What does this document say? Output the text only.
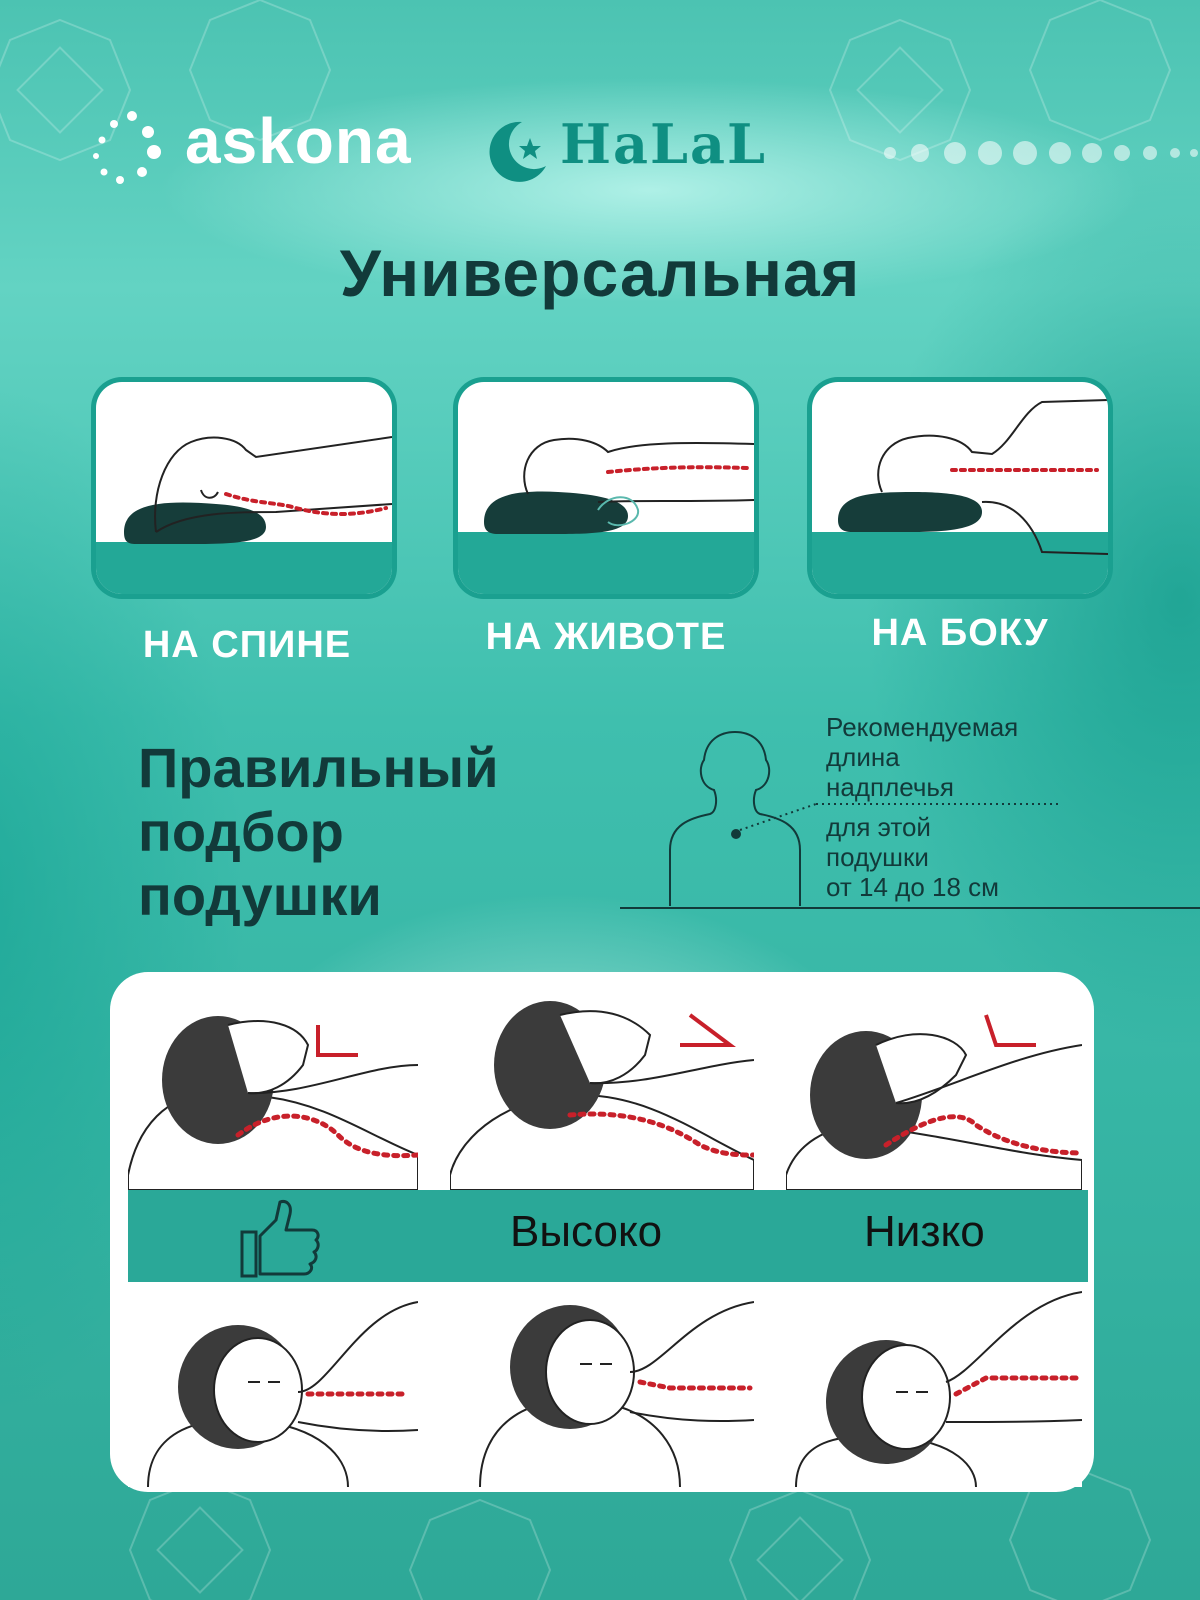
askona	HaLaL
Универсальная
НА СПИНЕ	НА ЖИВОТЕ	НА БОКУ
Правильный
подбор
подушки
Рекомендуемая
длина
надплечья
для этой
подушки
от 14 до 18 см
Высоко	Низко
